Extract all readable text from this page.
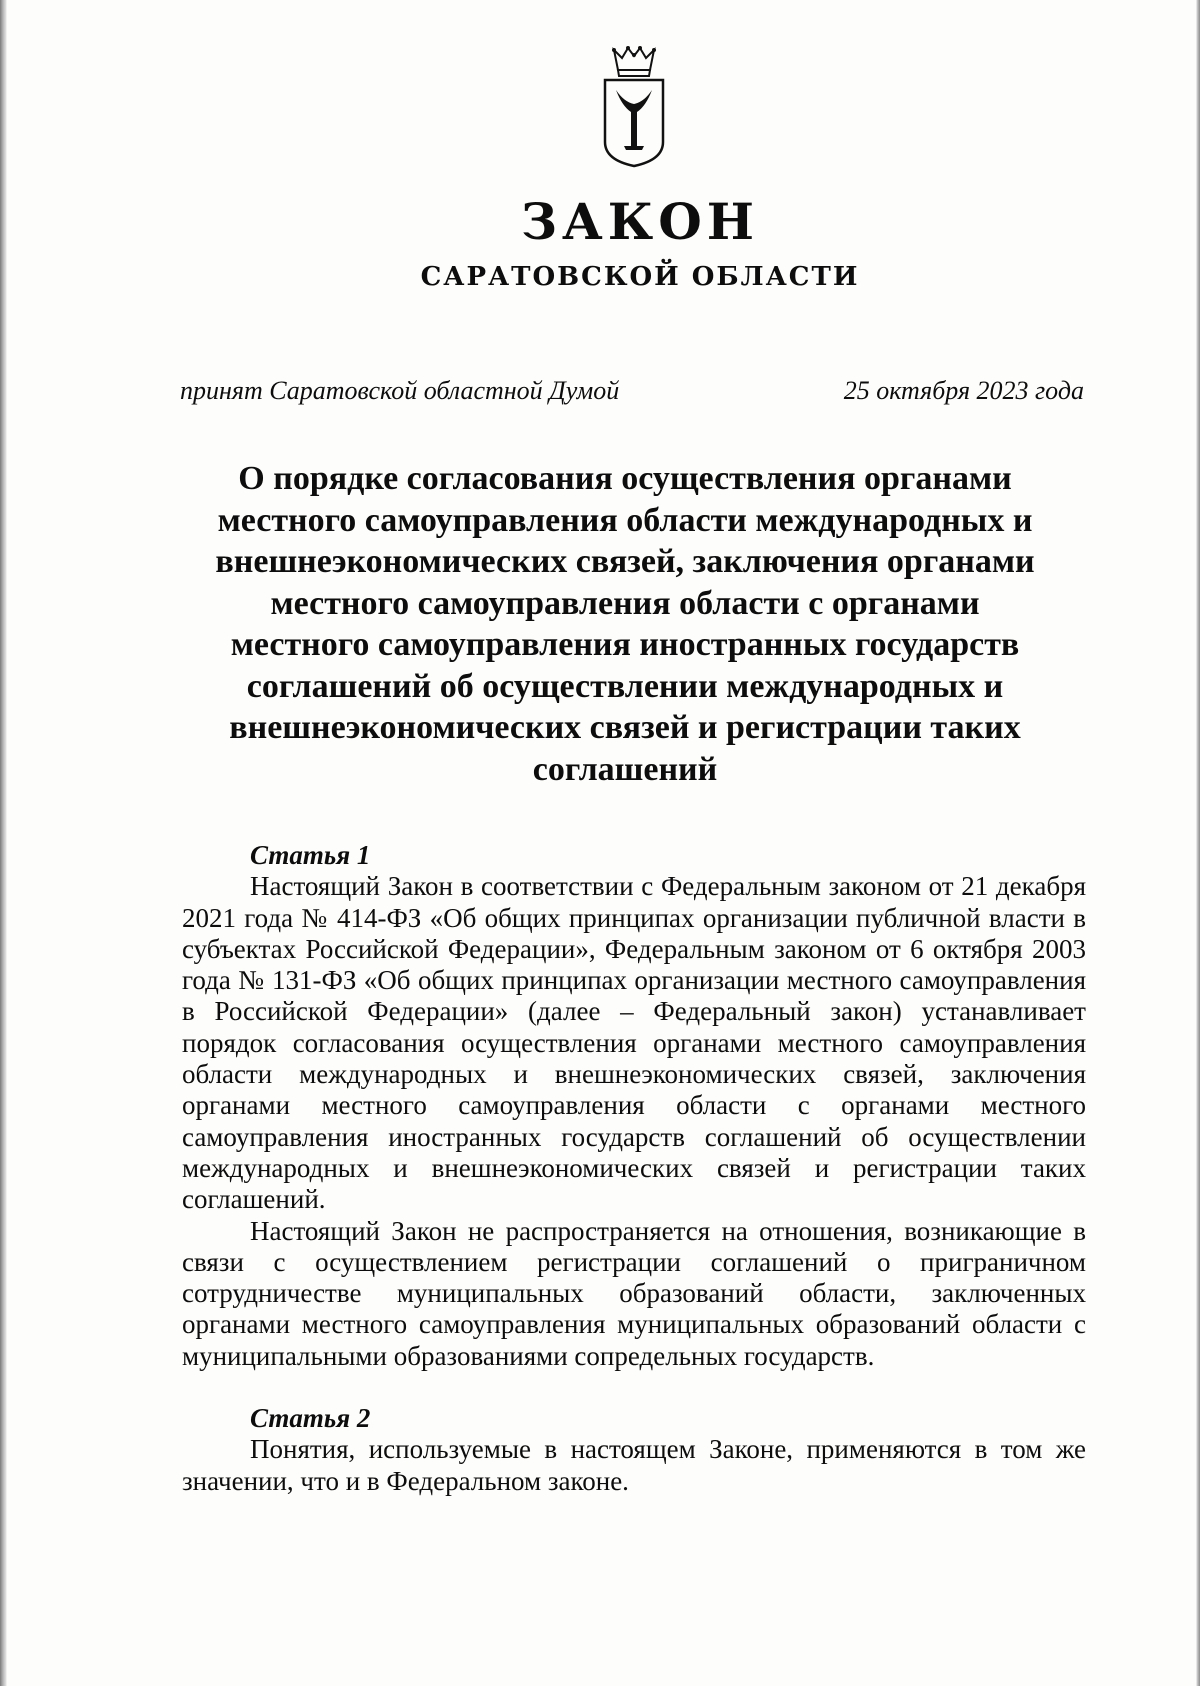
ЗАКОН
САРАТОВСКОЙ ОБЛАСТИ
принят Саратовской областной Думой	25 октября 2023 года
О порядке согласования осуществления органами
местного самоуправления области международных и
внешнеэкономических связей, заключения органами
местного самоуправления области с органами
местного самоуправления иностранных государств
соглашений об осуществлении международных и
внешнеэкономических связей и регистрации таких
соглашений

Статья 1

Настоящий Закон в соответствии с Федеральным законом от 21 декабря 2021 года № 414-ФЗ «Об общих принципах организации публичной власти в субъектах Российской Федерации», Федеральным законом от 6 октября 2003 года № 131-ФЗ «Об общих принципах организации местного самоуправления в Российской Федерации» (далее – Федеральный закон) устанавливает порядок согласования осуществления органами местного самоуправления области международных и внешнеэкономических связей, заключения органами местного самоуправления области с органами местного самоуправления иностранных государств соглашений об осуществлении международных и внешнеэкономических связей и регистрации таких соглашений.

Настоящий Закон не распространяется на отношения, возникающие в связи с осуществлением регистрации соглашений о приграничном сотрудничестве муниципальных образований области, заключенных органами местного самоуправления муниципальных образований области с муниципальными образованиями сопредельных государств.

Статья 2

Понятия, используемые в настоящем Законе, применяются в том же значении, что и в Федеральном законе.
